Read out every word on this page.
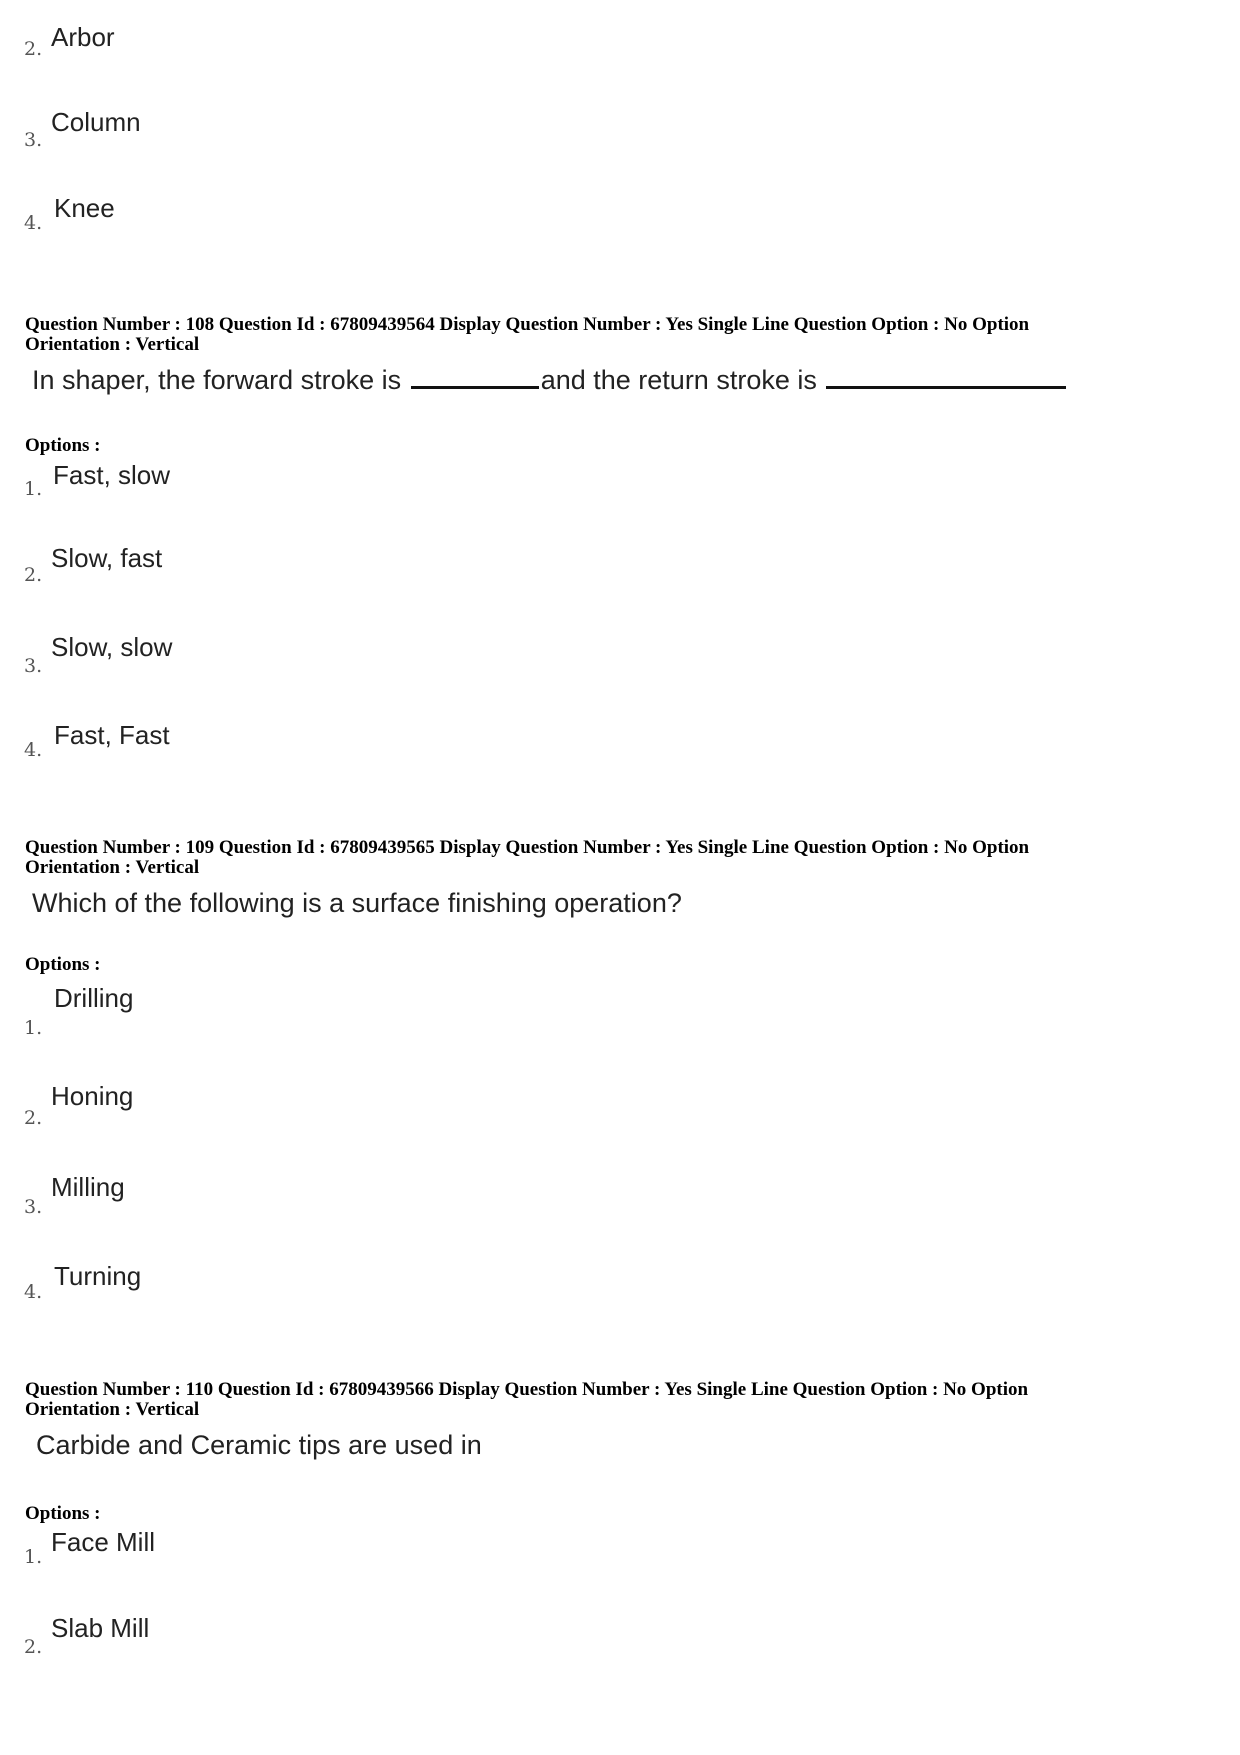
2. Arbor
3.
Column
4. Knee
Question Number : 108 Question Id : 67809439564 Display Question Number : Yes Single Line Question Option : No Option
Orientation : Vertical
In shaper, the forward stroke is	and the return stroke is
Options :
1. Fast, slow
2.
Slow, fast
3.
Slow, slow
4. Fast, Fast
Question Number : 109 Question Id : 67809439565 Display Question Number : Yes Single Line Question Option : No Option
Orientation : Vertical
Which of the following is a surface finishing operation?
Options :
1.
Drilling
2.
Honing
3.
Milling
4.
Turning
Question Number : 110 Question Id : 67809439566 Display Question Number : Yes Single Line Question Option : No Option
Orientation : Vertical
Carbide and Ceramic tips are used in
Options :
1. Face Mill
2.
Slab Mill
